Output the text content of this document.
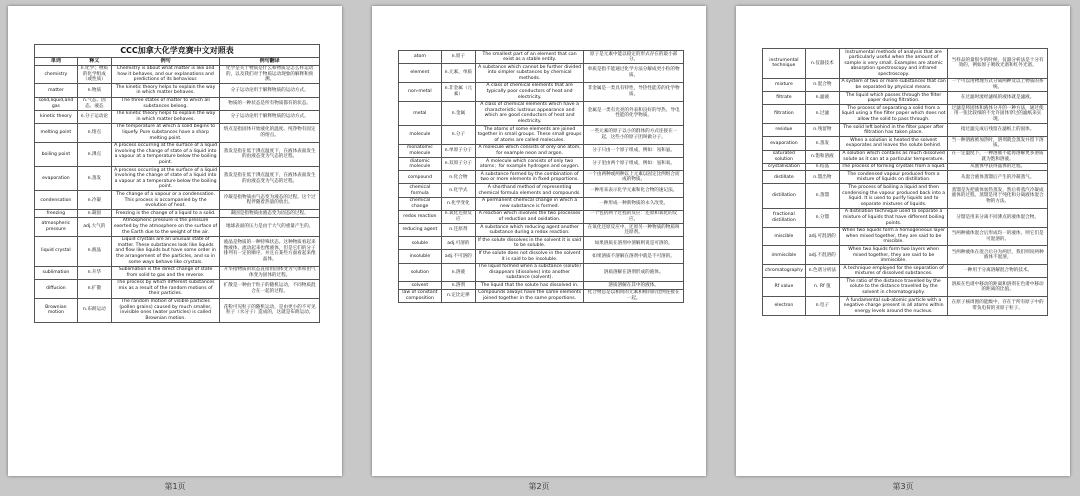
CCC加拿大化学竞赛中文对照表			
单词	释义	例句	例句翻译
chemistry	n.化学；物质的化学组成（或性质）	Chemistry is about what matter is like and how it behaves, and our explanations and predictions of its behaviour.	化学是关于物质是什么和物质是怎么样运动的，以及我们对于物质运动现象的解释和预测。
matter	n.物质	The kinetic theory helps to explain the way in which matter behaves.	分子运动论用于解释物质的运动方式。
solid,liquid,and gas	n.气态、固态、液态	The three states of matter to which all substances belong.	物质的一种状态是所有物质都有的状态。
kinetic theory	n.分子运动论	The kinetic theory helps to explain the way in which matter behaves.	分子运动论用于解释物质的运动方式。
melting point	n.熔点	The temperature at which a solid begins to liquefy. Pure substances have a sharp melting point.	熔点是指固体开始液化的温度。纯净物有固定的熔点。
boiling point	n.沸点	A process occurring at the surface of a liquid involving the change of state of a liquid into a vapour at a temperature below the boiling point.	蒸发是指在低于沸点温度下，在液体表面发生的由液态变为气态的过程。
evaporation	n.蒸发	A process occurring at the surface of a liquid involving the change of state of a liquid into a vapour at a temperature below the boiling point.	蒸发是指在低于沸点温度下，在液体表面发生的由液态变为气态的过程。
condensation	n.冷凝	The change of a vapour or a condensation. This process is accompanied by the evolution of heat.	冷凝是指物质由气态变为液态的过程。这个过程伴随着热量的放出。
freezing	n.凝固	Freezing is the change of a liquid to a solid.	凝固是指物质由液态变为固态的过程。
atmospheric pressure	adj.大气的	Atmospheric pressure is the pressure exerted by the atmosphere on the surface of the Earth due to the weight of the air.	地球表面的压力是由于大气的重量产生的。
liquid crystal	n.液晶	Liquid crystals are an unusual state of matter. These substances look like liquids and flow like liquids but have some order in the arrangement of the particles, and so in some ways behave like crystals.	液晶是物质的一种特殊状态。这种物质看起来像液体，流动起来也像液体，但是它们的分子排列有一定的顺序，并且在某些方面看起来像晶体。
sublimation	n.升华	Sublimation is the direct change of state from solid to gas and the reverse.	升华指物质的状态直接由固体变为气体和由气体变为固体的过程。
diffusion	n.扩散	The process by which different substances mix as a result of the random motions of their particles.	扩散是一种由于粒子的随机运动，不同物质混合在一起的过程。
Brownian motion	n.布朗运动	The random motion of visible particles (pollen grains) caused by much smaller, invisible ones (water particles) is called Brownian motion.	花粉可见粒子的随机运动，是由更小的不可见粒子（水分子）造成的，这就是布朗运动。
atom	n.原子	The smallest part of an element that can exist as a stable entity.	原子是元素中能以稳定的形式存在的最小部分。
element	n.元素，单质	A substance which cannot be further divided into simpler substances by chemical methods.	单质是指不能通过化学方法分解成更小粒的物质。
non-metal	n.非金属（元素）	A class of chemical elements that are typically poor conductors of heat and electricity.	非金属是一类具有特性，导热性能差的化学物质。
metal	n.金属	A class of chemical elements which have a characteristic lustrous appearance and which are good conductors of heat and electricity.	金属是一类有光亮的外表和良好的导热、导电性能的化学物质。
molecule	n.分子	The atoms of some elements are joined together in small groups. These small groups of atoms are called molecules.	一些元素的原子以小的群体的方式连接在一起，这些小的原子团叫做分子。
monatomic molecule	n.单原子分子	A molecule which consists of only one atom, for example neon and argon.	分子只由一个原子组成，例如：氖和氩。
diatomic molecule	n.双原子分子	A molecule which consists of only two atoms；for example hydrogen and oxygen.	分子里由两个原子组成，例如：氢和氧。
compound	n.化合物	A substance formed by the combination of two or more elements in fixed proportions.	一个由两种或两种以上元素以固定比例组合而成的物质。
chemical formula	n.化学式	A shorthand method of representing chemical formula elements and compounds.	一种用来表示化学元素和化合物的速记法。
chemical change	n.化学变化	A permanent chemical change in which a new substance is formed.	一种形成一种新物质的永久改变。
redox reaction	n.氧化还原反应	A reaction which involves the two processes of reduction and oxidation.	一个包括两个过程的反应：还原和氧化的反应。
reducing agent	n.还原剂	A substance which reducing agent another substance during a redox reaction.	在氧化还原反应中，还原另一种物质的物质叫还原剂。
soluble	adj.可溶的	If the solute dissolves in the solvent it is said to be soluble.	如果溶质在溶剂中溶解则说是可溶的。
insoluble	adj.不可溶的	If the solute does not dissolve in the solvent it is said to be insoluble.	如果溶质不溶解在溶剂中就是不可溶的。
solution	n.溶液	The liquid formed when a substance (solute) disappears (dissolves) into another substance (solvent).	溶质溶解在溶剂形成的液体。
solvent	n.溶剂	The liquid that the solute has dissolved in.	溶质溶解在其中的液体。
law of constant composition	n.定比定律	Compounds always have the same elements joined together in the same proportions.	化合物总是以相同的元素和相同的比例连接在一起。
instrumental technique	n.仪器技术	Instrumental methods of analysis that are particularly useful when the amount of sample is very small. Examples are atomic absorption spectroscopy and infrared spectroscopy.	当样品的量很少的时候，仪器分析法是十分有效的，例如原子吸收光谱和红外光谱。
mixture	n.混合物	A system of two or more substances that can be separated by physical means.	一个可以用物理方式分离两种及以上物质的系统。
filtrate	n.滤液	The liquid which passes through the filter paper during filtration.	在过滤时流经滤纸的液体就是滤液。
filtration	n.过滤	The process of separating a solid from a liquid using a fine filter paper which does not allow the solid to pass through.	过滤是将固体和液体分开的一种方法，通过使用一张比较细的不允许固体穿过的滤纸来实现。
residue	n.残留物	The solid left behind in the filter paper after filtration has taken place.	指过滤完成后残留在滤纸上的固体。
evaporation	n.蒸发	When a solution is heated the solvent evaporates and leaves the solute behind.	当一种溶液被加热时，溶剂就会蒸发并留下溶质。
saturated solution	n.饱和溶液	A solution which contains as much dissolved solute as it can at a particular temperature.	在一定温度下，一种溶液不能再溶解更多溶质就为饱和溶液。
crystallisation	n.结晶	The process of forming crystals from a liquid.	从液体中获得晶体的过程。
distillate	n.馏出物	The condensed vapour produced from a mixture of liquids on distillation.	从混合液体蒸馏后产生的冷凝蒸气。
distillation	n.蒸馏	The process of boiling a liquid and then condensing the vapour produced back into a liquid. It is used to purify liquids and to separate mixtures of liquids.	蒸馏是先把液体加热蒸发，然后将蒸汽冷凝成液体的过程。蒸馏是用于纯化和分离液体混合物的方法。
fractional distillation	n.分馏	A distillation technique used to separate a mixture of liquids that have different boiling points.	分馏是用来分离不同沸点的液体混合物。
miscible	adj.可混溶的	When two liquids form a homogeneous layer when mixed together, they are said to be miscible.	当两种液体混合后形成均一的液体，则它们是可混溶的。
immiscible	adj.不混溶的	When two liquids form two layers when mixed together, they are said to be immiscible.	当两种液体在混合后分为两层，我们则说两种液体不混溶。
chromatography	n.色谱分析法	A technique employed for the separation of mixtures of dissolved substances.	一种用于分离溶解混合物的技术。
Rf value	n. Rf 值	The ratio of the distance travelled by the solute to the distance travelled by the solvent in chromatography.	溶质在色谱中移动的距离和溶剂在色谱中移动的距离的比值。
electron	n.电子	A fundamental sub-atomic particle with a negative charge present in all atoms within energy levels around the nucleus.	在原子核周围的能级中，存在于所有原子中的带负电荷的亚原子粒子。
第1页	第2页	第3页
